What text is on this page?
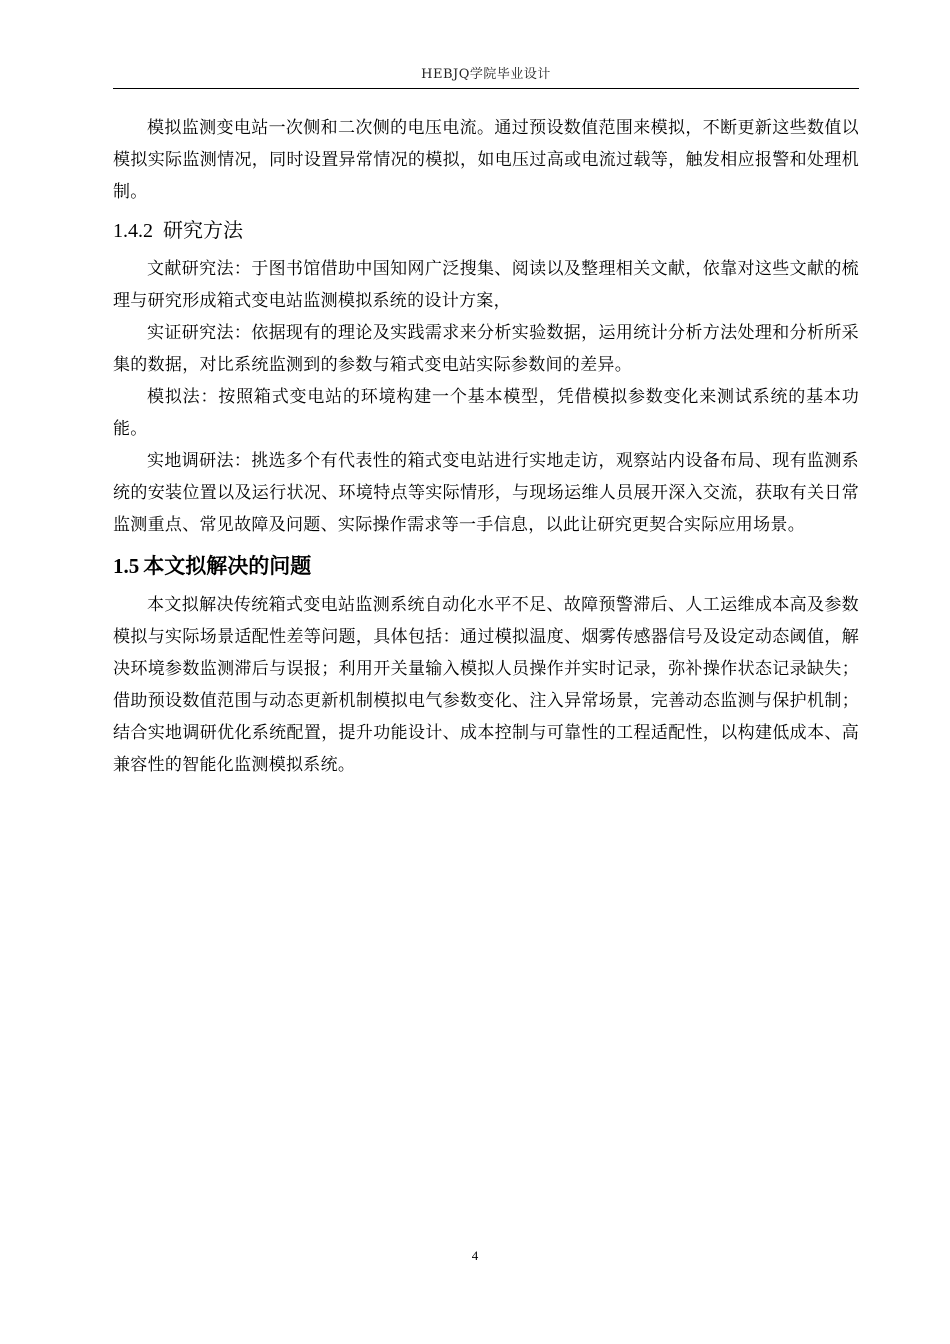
HEBJQ学院毕业设计

模拟监测变电站一次侧和二次侧的电压电流。通过预设数值范围来模拟，不断更新这些数值以模拟实际监测情况，同时设置异常情况的模拟，如电压过高或电流过载等，触发相应报警和处理机制。

1.4.2 研究方法

文献研究法：于图书馆借助中国知网广泛搜集、阅读以及整理相关文献，依靠对这些文献的梳理与研究形成箱式变电站监测模拟系统的设计方案，

实证研究法：依据现有的理论及实践需求来分析实验数据，运用统计分析方法处理和分析所采集的数据，对比系统监测到的参数与箱式变电站实际参数间的差异。

模拟法：按照箱式变电站的环境构建一个基本模型，凭借模拟参数变化来测试系统的基本功能。

实地调研法：挑选多个有代表性的箱式变电站进行实地走访，观察站内设备布局、现有监测系统的安装位置以及运行状况、环境特点等实际情形，与现场运维人员展开深入交流，获取有关日常监测重点、常见故障及问题、实际操作需求等一手信息，以此让研究更契合实际应用场景。

1.5 本文拟解决的问题

本文拟解决传统箱式变电站监测系统自动化水平不足、故障预警滞后、人工运维成本高及参数模拟与实际场景适配性差等问题，具体包括：通过模拟温度、烟雾传感器信号及设定动态阈值，解决环境参数监测滞后与误报；利用开关量输入模拟人员操作并实时记录，弥补操作状态记录缺失；借助预设数值范围与动态更新机制模拟电气参数变化、注入异常场景，完善动态监测与保护机制；结合实地调研优化系统配置，提升功能设计、成本控制与可靠性的工程适配性，以构建低成本、高兼容性的智能化监测模拟系统。

4
